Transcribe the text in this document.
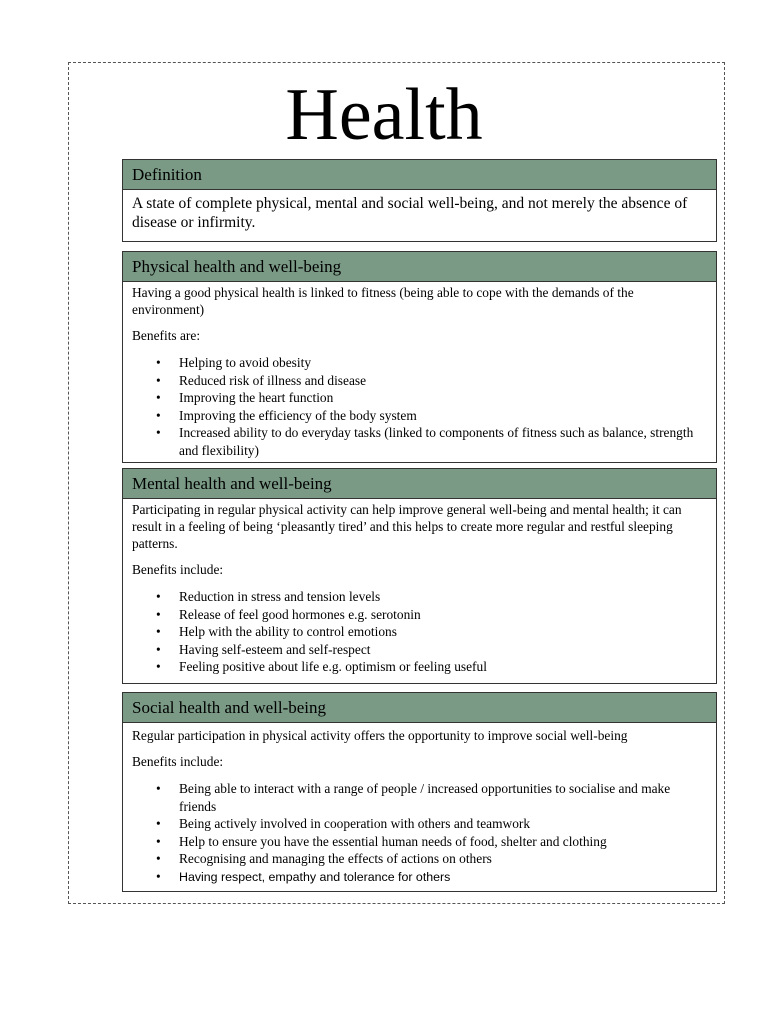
Health
Definition
A state of complete physical, mental and social well-being, and not merely the absence of disease or infirmity.
Physical health and well-being

Having a good physical health is linked to fitness (being able to cope with the demands of the environment)

Benefits are:

• Helping to avoid obesity
• Reduced risk of illness and disease
• Improving the heart function
• Improving the efficiency of the body system
• Increased ability to do everyday tasks (linked to components of fitness such as balance, strength and flexibility)
Mental health and well-being

Participating in regular physical activity can help improve general well-being and mental health; it can result in a feeling of being ‘pleasantly tired’ and this helps to create more regular and restful sleeping patterns.

Benefits include:

• Reduction in stress and tension levels
• Release of feel good hormones e.g. serotonin
• Help with the ability to control emotions
• Having self-esteem and self-respect
• Feeling positive about life e.g. optimism or feeling useful
Social health and well-being

Regular participation in physical activity offers the opportunity to improve social well-being

Benefits include:

• Being able to interact with a range of people / increased opportunities to socialise and make friends
• Being actively involved in cooperation with others and teamwork
• Help to ensure you have the essential human needs of food, shelter and clothing
• Recognising and managing the effects of actions on others
• Having respect, empathy and tolerance for others
